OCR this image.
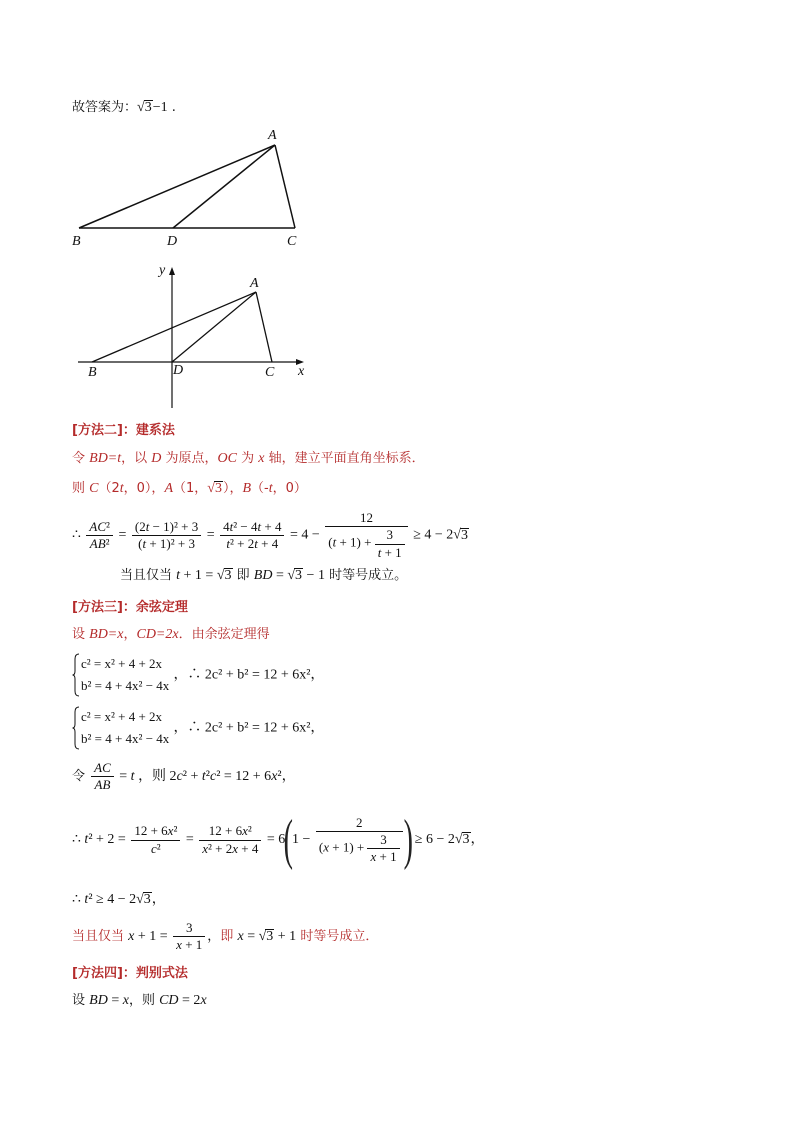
故答案为：√3−1 .
A
B	D	C
A
B	D	C x
y
[方法二]：建系法
令 BD=t，以 D 为原点，OC 为 x 轴，建立平面直角坐标系．
则 C（2t，0），A（1，√3），B（-t，0）
∴ $\frac{\text{AC²}}{\text{AB²}} = \frac{\text{(2t − 1)² + 3}}{\text{(t + 1)² + 3}} = \frac{\text{4t² − 4t + 4}}{\text{t² + 2t + 4}} = 4 - \frac{12}{(t + 1) + \frac{3}{t + 1}} \ge 4 - 2√3$
当且仅当 t + 1 = √3 即 BD = √3 − 1 时等号成立。
[方法三]：余弦定理
设 BD=x，CD=2x．由余弦定理得
c² = x² + 4 + 2x
b² = 4 + 4x² − 4x
，∴ 2c² + b² = 12 + 6x²，
c² = x² + 4 + 2x
b² = 4 + 4x² − 4x
，∴ 2c² + b² = 12 + 6x²，
令 $\frac{AC}{AB} = t$ ，则 2c² + t²c² = 12 + 6x²，
∴ $t^2 + 2 = \frac{\text{12 + 6x²}}{\text{c²}} = \frac{\text{12 + 6x²}}{\text{x² + 2x + 4}} = 6(1 - \frac{2}{(x + 1) + \frac{3}{x + 1}}$ ) ≥ 6 − 2√3，
∴ t² ≥ 4 − 2√3，
当且仅当 $x + 1 = \frac{3}{x + 1}$ ，即 x = √3 + 1 时等号成立．
[方法四]：判别式法
设 BD = x，则 CD = 2x
